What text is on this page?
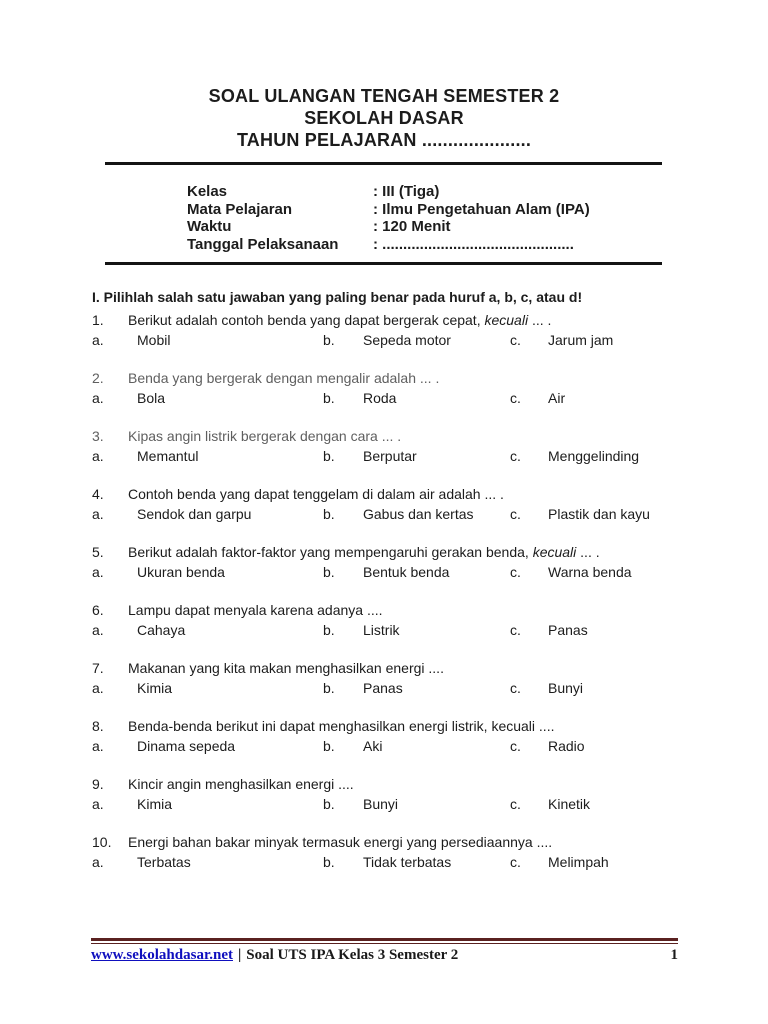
SOAL ULANGAN TENGAH SEMESTER 2
SEKOLAH DASAR
TAHUN PELAJARAN .....................
Kelas	: III (Tiga)
Mata Pelajaran	: Ilmu Pengetahuan Alam (IPA)
Waktu	: 120 Menit
Tanggal Pelaksanaan	: ..............................................
I. Pilihlah salah satu jawaban yang paling benar pada huruf a, b, c, atau d!
1.	Berikut adalah contoh benda yang dapat bergerak cepat, kecuali ... .
a. Mobil	b. Sepeda motor	c. Jarum jam
2.	Benda yang bergerak dengan mengalir adalah ... .
a. Bola	b. Roda	c. Air
3.	Kipas angin listrik bergerak dengan cara ... .
a. Memantul	b. Berputar	c. Menggelinding
4.	Contoh benda yang dapat tenggelam di dalam air adalah ... .
a. Sendok dan garpu	b. Gabus dan kertas	c. Plastik dan kayu
5.	Berikut adalah faktor-faktor yang mempengaruhi gerakan benda, kecuali ... .
a. Ukuran benda	b. Bentuk benda	c. Warna benda
6.	Lampu dapat menyala karena adanya ....
a. Cahaya	b. Listrik	c. Panas
7.	Makanan yang kita makan menghasilkan energi ....
a. Kimia	b. Panas	c. Bunyi
8.	Benda-benda berikut ini dapat menghasilkan energi listrik, kecuali ....
a. Dinama sepeda	b. Aki	c. Radio
9.	Kincir angin menghasilkan energi ....
a. Kimia	b. Bunyi	c. Kinetik
10.	Energi bahan bakar minyak termasuk energi yang persediaannya ....
a. Terbatas	b. Tidak terbatas	c. Melimpah
www.sekolahdasar.net | Soal UTS IPA Kelas 3 Semester 2	1
